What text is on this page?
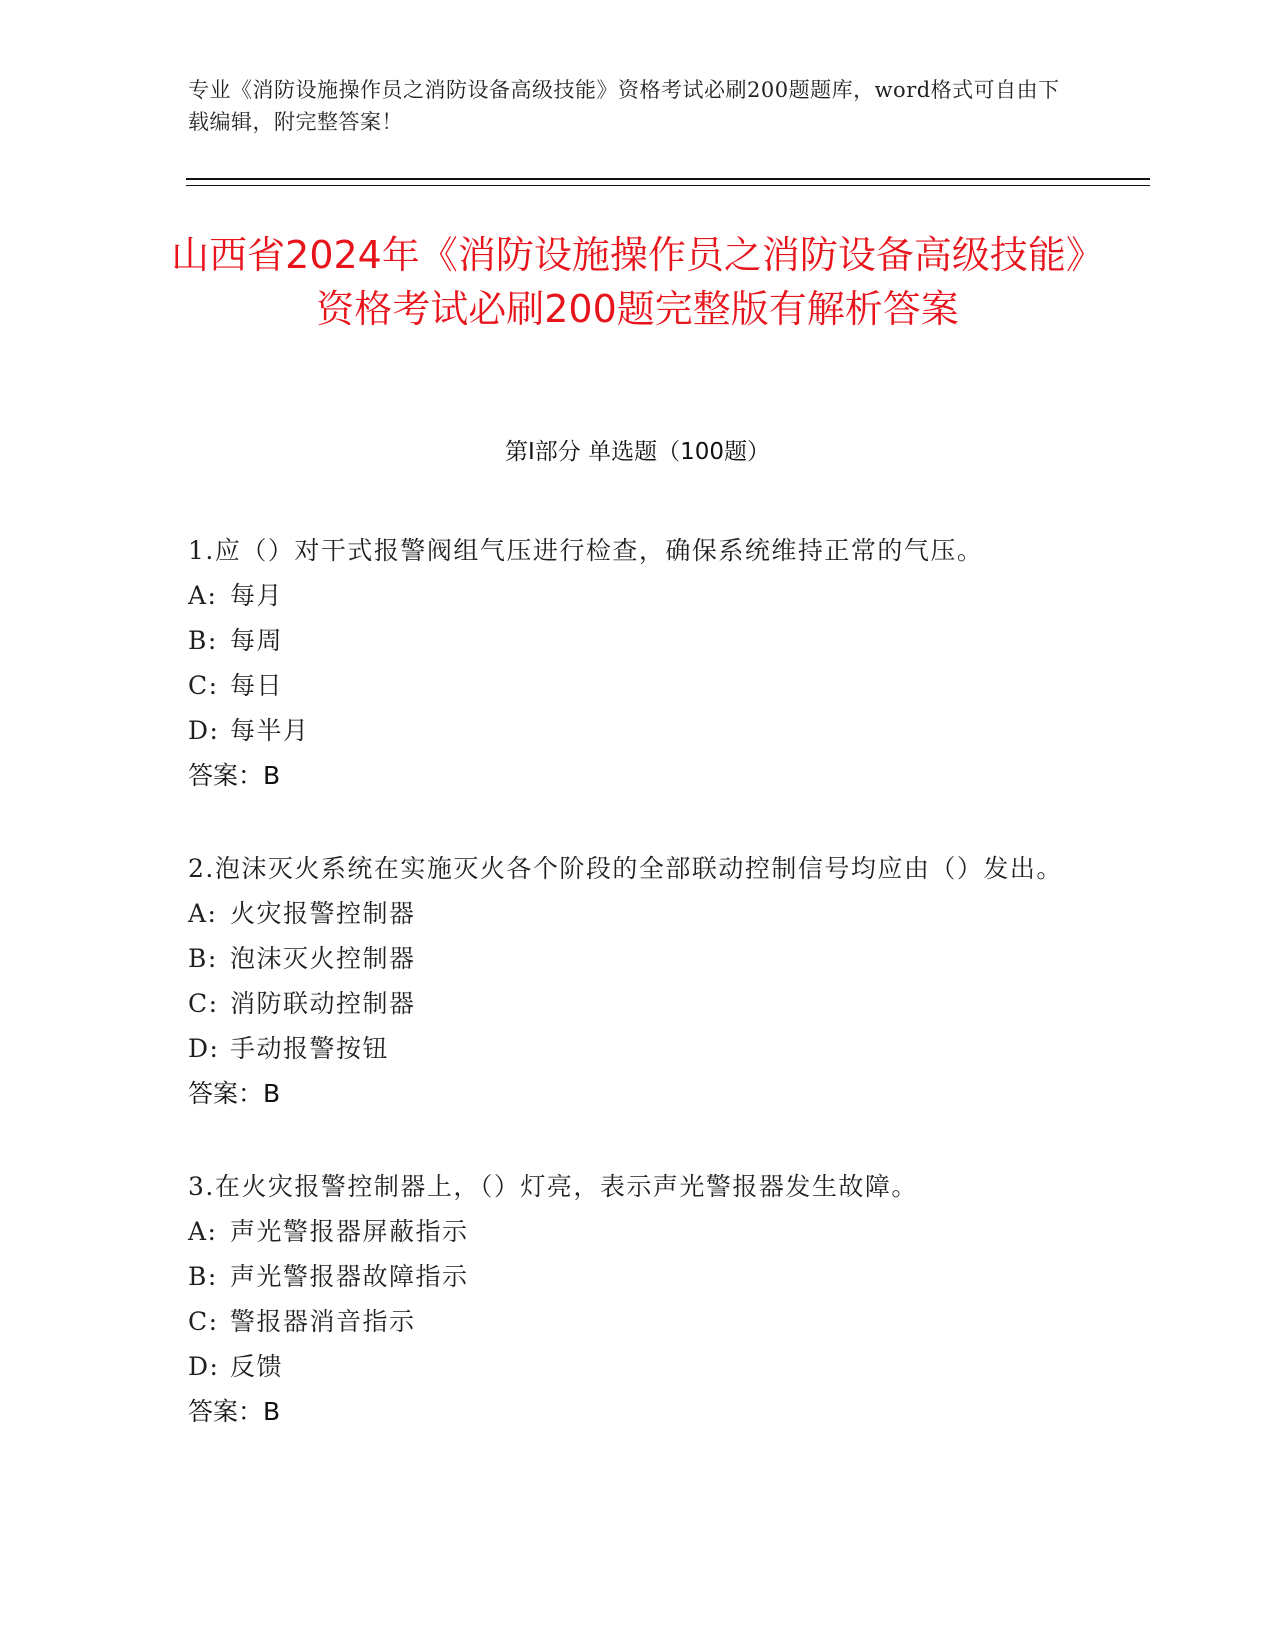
专业《消防设施操作员之消防设备高级技能》资格考试必刷200题题库，word格式可自由下载编辑，附完整答案！
山西省2024年《消防设施操作员之消防设备高级技能》资格考试必刷200题完整版有解析答案
第I部分 单选题（100题）

1.应（）对干式报警阀组气压进行检查，确保系统维持正常的气压。

A: 每月
B: 每周
C: 每日
D: 每半月
答案：B

2.泡沫灭火系统在实施灭火各个阶段的全部联动控制信号均应由（）发出。

A: 火灾报警控制器
B: 泡沫灭火控制器
C: 消防联动控制器
D: 手动报警按钮
答案：B

3.在火灾报警控制器上，（）灯亮，表示声光警报器发生故障。

A: 声光警报器屏蔽指示
B: 声光警报器故障指示
C: 警报器消音指示
D: 反馈
答案：B
